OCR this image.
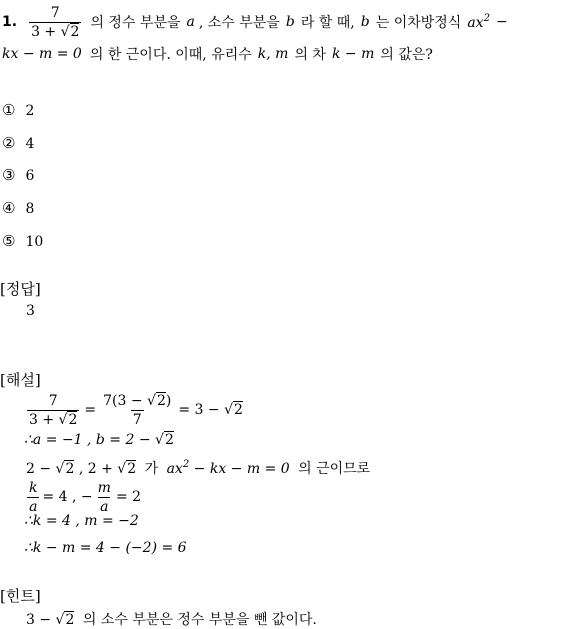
1. $\frac{7}{3 + √2}$ 의 정수 부분을 a , 소수 부분을 b 라 할 때, b 는 이차방정식 $ax^2$ −
kx − m = 0 의 한 근이다. 이때, 유리수 k, m 의 차 k − m 의 값은?
① 2
② 4
③ 6
④ 8
⑤ 10
[정답]
3
[해설]
$\frac{7}{3 + √2} = \frac{7(3 - √2)}{7} = 3 - √2$
∴a = −1 , b = 2 − √2
2 − √2 , 2 + √2 가 $ax^2$ − kx − m = 0 의 근이므로
$\frac{k}{a} = 4$ , − $\frac{m}{a} = 2$
∴k = 4 , m = −2
∴k − m = 4 − (−2) = 6
[힌트]
3 − √2 의 소수 부분은 정수 부분을 뺀 값이다.
